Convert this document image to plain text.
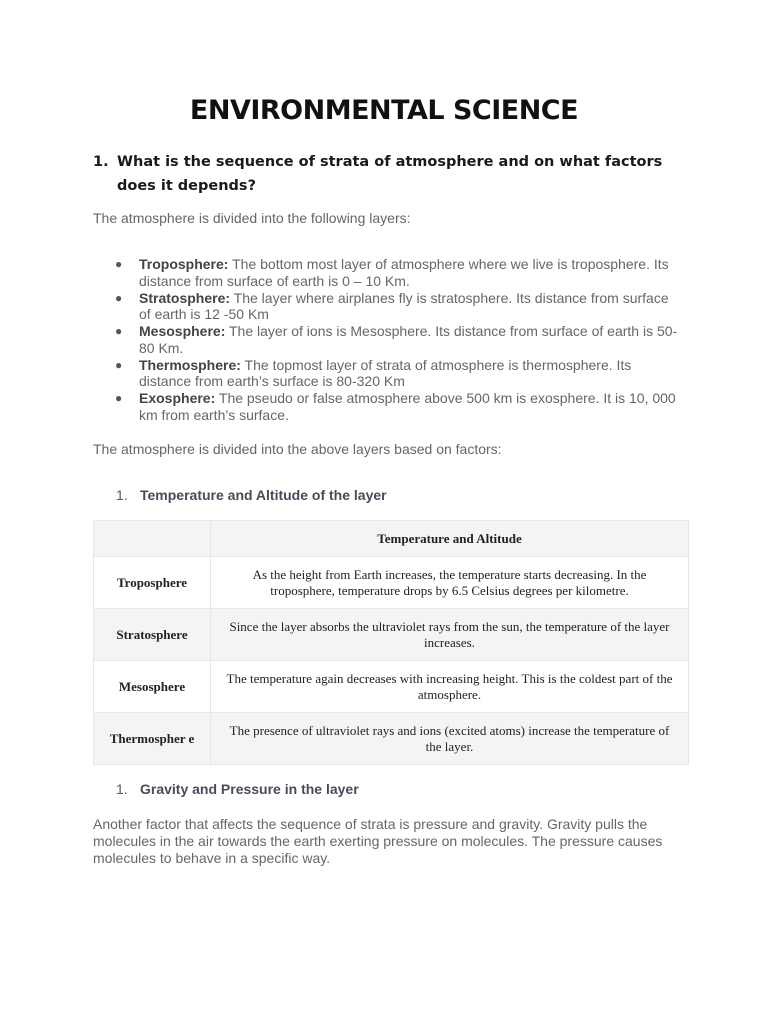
ENVIRONMENTAL SCIENCE
1. What is the sequence of strata of atmosphere and on what factors does it depends?
The atmosphere is divided into the following layers:
● Troposphere: The bottom most layer of atmosphere where we live is troposphere. Its distance from surface of earth is 0 – 10 Km.
● Stratosphere: The layer where airplanes fly is stratosphere. Its distance from surface of earth is 12 -50 Km
● Mesosphere: The layer of ions is Mesosphere. Its distance from surface of earth is 50-80 Km.
● Thermosphere: The topmost layer of strata of atmosphere is thermosphere. Its distance from earth’s surface is 80-320 Km
● Exosphere: The pseudo or false atmosphere above 500 km is exosphere. It is 10, 000 km from earth’s surface.
The atmosphere is divided into the above layers based on factors:
1. Temperature and Altitude of the layer
	Temperature and Altitude
Troposphere	As the height from Earth increases, the temperature starts decreasing. In the troposphere, temperature drops by 6.5 Celsius degrees per kilometre.
Stratosphere	Since the layer absorbs the ultraviolet rays from the sun, the temperature of the layer increases.
Mesosphere	The temperature again decreases with increasing height. This is the coldest part of the atmosphere.
Thermospher e	The presence of ultraviolet rays and ions (excited atoms) increase the temperature of the layer.
1. Gravity and Pressure in the layer
Another factor that affects the sequence of strata is pressure and gravity. Gravity pulls the molecules in the air towards the earth exerting pressure on molecules. The pressure causes molecules to behave in a specific way.
